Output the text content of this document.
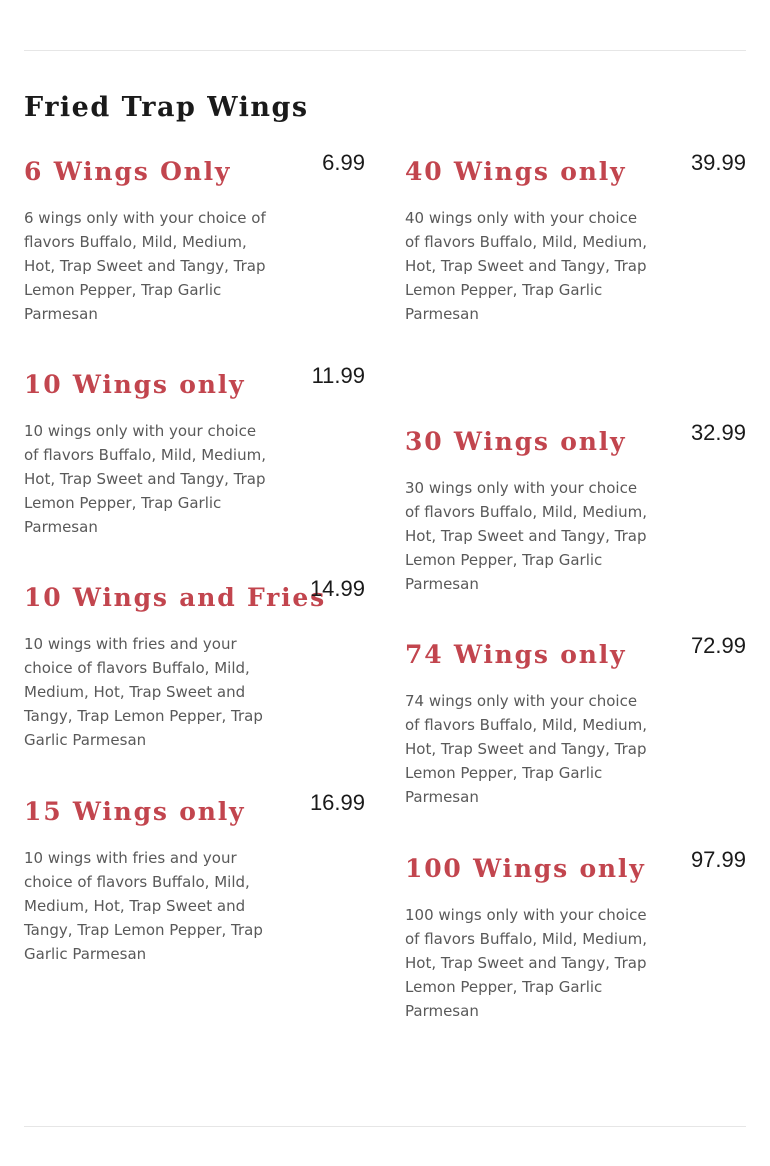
Fried Trap Wings
6 Wings Only	6.99

6 wings only with your choice of flavors Buffalo, Mild, Medium, Hot, Trap Sweet and Tangy, Trap Lemon Pepper, Trap Garlic Parmesan

10 Wings only	11.99

10 wings only with your choice of flavors Buffalo, Mild, Medium, Hot, Trap Sweet and Tangy, Trap Lemon Pepper, Trap Garlic Parmesan

10 Wings and Fries
14.99

10 wings with fries and your choice of flavors Buffalo, Mild, Medium, Hot, Trap Sweet and Tangy, Trap Lemon Pepper, Trap Garlic Parmesan

15 Wings only	16.99

10 wings with fries and your choice of flavors Buffalo, Mild, Medium, Hot, Trap Sweet and Tangy, Trap Lemon Pepper, Trap Garlic Parmesan

40 Wings only	39.99

40 wings only with your choice of flavors Buffalo, Mild, Medium, Hot, Trap Sweet and Tangy, Trap Lemon Pepper, Trap Garlic Parmesan

30 Wings only	32.99

30 wings only with your choice of flavors Buffalo, Mild, Medium, Hot, Trap Sweet and Tangy, Trap Lemon Pepper, Trap Garlic Parmesan

74 Wings only	72.99

74 wings only with your choice of flavors Buffalo, Mild, Medium, Hot, Trap Sweet and Tangy, Trap Lemon Pepper, Trap Garlic Parmesan

100 Wings only 97.99

100 wings only with your choice of flavors Buffalo, Mild, Medium, Hot, Trap Sweet and Tangy, Trap Lemon Pepper, Trap Garlic Parmesan
